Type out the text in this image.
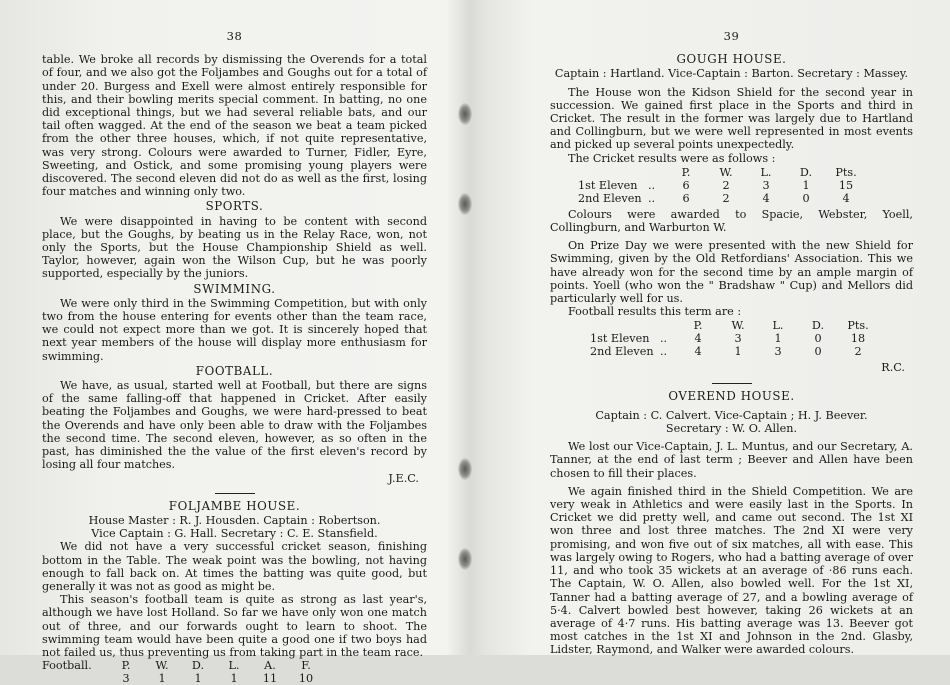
38

table. We broke all records by dismissing the Overends for a total of four, and we also got the Foljambes and Goughs out for a total of under 20. Burgess and Exell were almost entirely responsible for this, and their bowling merits special comment. In batting, no one did exceptional things, but we had several reliable bats, and our tail often wagged. At the end of the season we beat a team picked from the other three houses, which, if not quite representative, was very strong. Colours were awarded to Turner, Fidler, Eyre, Sweeting, and Ostick, and some promising young players were discovered. The second eleven did not do as well as the first, losing four matches and winning only two.

SPORTS.

We were disappointed in having to be content with second place, but the Goughs, by beating us in the Relay Race, won, not only the Sports, but the House Championship Shield as well. Taylor, however, again won the Wilson Cup, but he was poorly supported, especially by the juniors.

SWIMMING.

We were only third in the Swimming Competition, but with only two from the house entering for events other than the team race, we could not expect more than we got. It is sincerely hoped that next year members of the house will display more enthusiasm for swimming.

FOOTBALL.

We have, as usual, started well at Football, but there are signs of the same falling-off that happened in Cricket. After easily beating the Foljambes and Goughs, we were hard-pressed to beat the Overends and have only been able to draw with the Foljambes the second time. The second eleven, however, as so often in the past, has diminished the the value of the first eleven's record by losing all four matches.

J.E.C.
FOLJAMBE HOUSE.
House Master : R. J. Housden. Captain : Robertson.
Vice Captain : G. Hall. Secretary : C. E. Stansfield.

We did not have a very successful cricket season, finishing bottom in the Table. The weak point was the bowling, not having enough to fall back on. At times the batting was quite good, but generally it was not as good as might be.

This season's football team is quite as strong as last year's, although we have lost Holland. So far we have only won one match out of three, and our forwards ought to learn to shoot. The swimming team would have been quite a good one if two boys had not failed us, thus preventing us from taking part in the team race.

Football.	P.	W.	D.	L.	A.	F.
	3	1	1	1	11	10
39
GOUGH HOUSE.
Captain : Hartland. Vice-Captain : Barton. Secretary : Massey.

The House won the Kidson Shield for the second year in succession. We gained first place in the Sports and third in Cricket. The result in the former was largely due to Hartland and Collingburn, but we were well represented in most events and picked up several points unexpectedly.

The Cricket results were as follows :

		P.	W.	L.	D.	Pts.
1st Eleven	..	6	2	3	1	15
2nd Eleven	..	6	2	4	0	4

Colours were awarded to Spacie, Webster, Yoell, Collingburn, and Warburton W.

On Prize Day we were presented with the new Shield for Swimming, given by the Old Retfordians' Association. This we have already won for the second time by an ample margin of points. Yoell (who won the " Bradshaw " Cup) and Mellors did particularly well for us.

Football results this term are :

		P.	W.	L.	D.	Pts.
1st Eleven	..	4	3	1	0	18
2nd Eleven	..	4	1	3	0	2
R.C.
OVEREND HOUSE.
Captain : C. Calvert. Vice-Captain ; H. J. Beever.
Secretary : W. O. Allen.

We lost our Vice-Captain, J. L. Muntus, and our Secretary, A. Tanner, at the end of last term ; Beever and Allen have been chosen to fill their places.

We again finished third in the Shield Competition. We are very weak in Athletics and were easily last in the Sports. In Cricket we did pretty well, and came out second. The 1st XI won three and lost three matches. The 2nd XI were very promising, and won five out of six matches, all with ease. This was largely owing to Rogers, who had a batting average of over 11, and who took 35 wickets at an average of ·86 runs each. The Captain, W. O. Allen, also bowled well. For the 1st XI, Tanner had a batting average of 27, and a bowling average of 5·4. Calvert bowled best however, taking 26 wickets at an average of 4·7 runs. His batting average was 13. Beever got most catches in the 1st XI and Johnson in the 2nd. Glasby, Lidster, Raymond, and Walker were awarded colours.
